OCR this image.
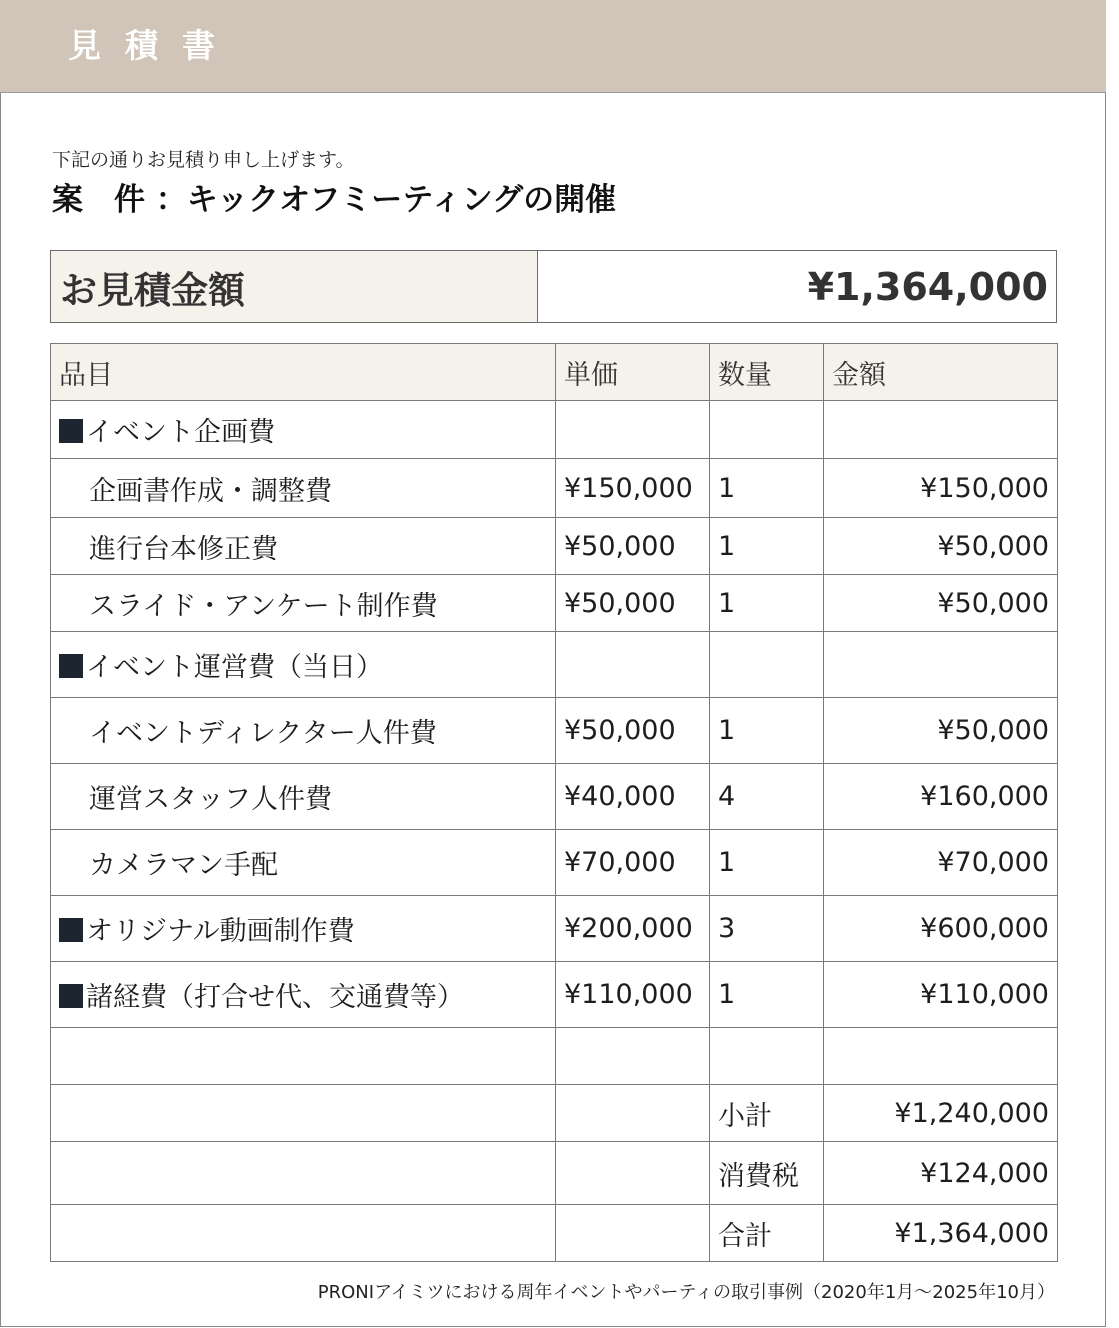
見積書
下記の通りお見積り申し上げます。
案　件 ：キックオフミーティングの開催
お見積金額	¥1,364,000
品目	単価	数量	金額
イベント企画費			
企画書作成・調整費	¥150,000	1	¥150,000
進行台本修正費	¥50,000	1	¥50,000
スライド・アンケート制作費	¥50,000	1	¥50,000
イベント運営費（当日）			
イベントディレクター人件費	¥50,000	1	¥50,000
運営スタッフ人件費	¥40,000	4	¥160,000
カメラマン手配	¥70,000	1	¥70,000
オリジナル動画制作費	¥200,000	3	¥600,000
諸経費（打合せ代、交通費等）	¥110,000	1	¥110,000

		小計	¥1,240,000
		消費税	¥124,000
		合計	¥1,364,000
PRONIアイミツにおける周年イベントやパーティの取引事例（2020年1月〜2025年10月）
